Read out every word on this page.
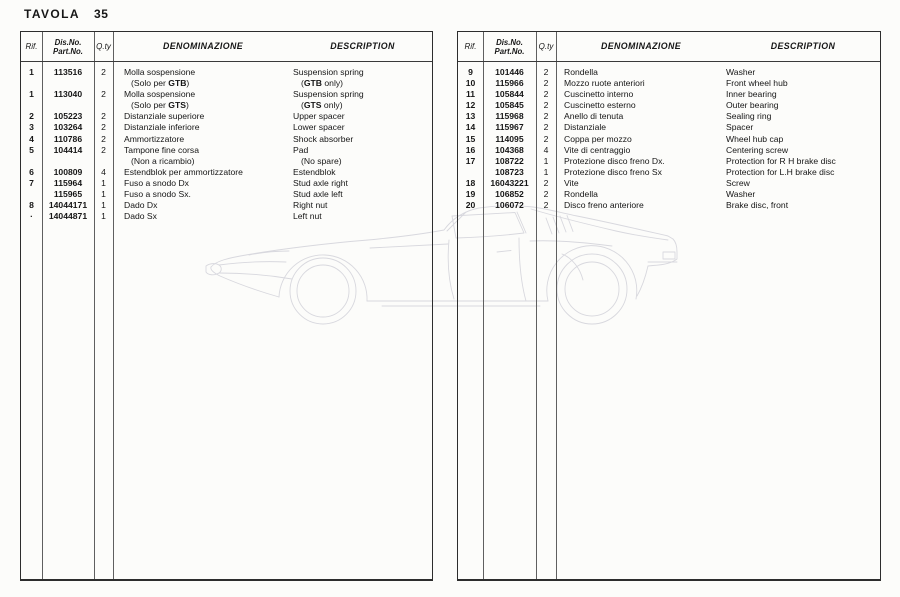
TAVOLA 35
Rif.	Dis.No.
Part.No.	Q.ty	DENOMINAZIONE	DESCRIPTION
1	113516	2	Molla sospensione	Suspension spring
(Solo per GTB)	(GTB only)
1	113040	2	Molla sospensione	Suspension spring
(Solo per GTS)	(GTS only)
2	105223	2	Distanziale superiore	Upper spacer
3	103264	2	Distanziale inferiore	Lower spacer
4	110786	2	Ammortizzatore	Shock absorber
5	104414	2	Tampone fine corsa	Pad
(Non a ricambio)	(No spare)
6	100809	4	Estendblok per ammortizzatore	Estendblok
7	115964	1	Fuso a snodo Dx	Stud axle right
115965	1	Fuso a snodo Sx.	Stud axle left
8	14044171	1	Dado Dx	Right nut
·	14044871	1	Dado Sx	Left nut
Rif.	Dis.No.
Part.No.	Q.ty	DENOMINAZIONE	DESCRIPTION
9	101446	2	Rondella	Washer
10	115966	2	Mozzo ruote anteriori	Front wheel hub
11	105844	2	Cuscinetto interno	Inner bearing
12	105845	2	Cuscinetto esterno	Outer bearing
13	115968	2	Anello di tenuta	Sealing ring
14	115967	2	Distanziale	Spacer
15	114095	2	Coppa per mozzo	Wheel hub cap
16	104368	4	Vite di centraggio	Centering screw
17	108722	1	Protezione disco freno Dx.	Protection for R H brake disc
108723	1	Protezione disco freno Sx	Protection for L.H brake disc
18	16043221	2	Vite	Screw
19	106852	2	Rondella	Washer
20	106072	2	Disco freno anteriore	Brake disc, front
